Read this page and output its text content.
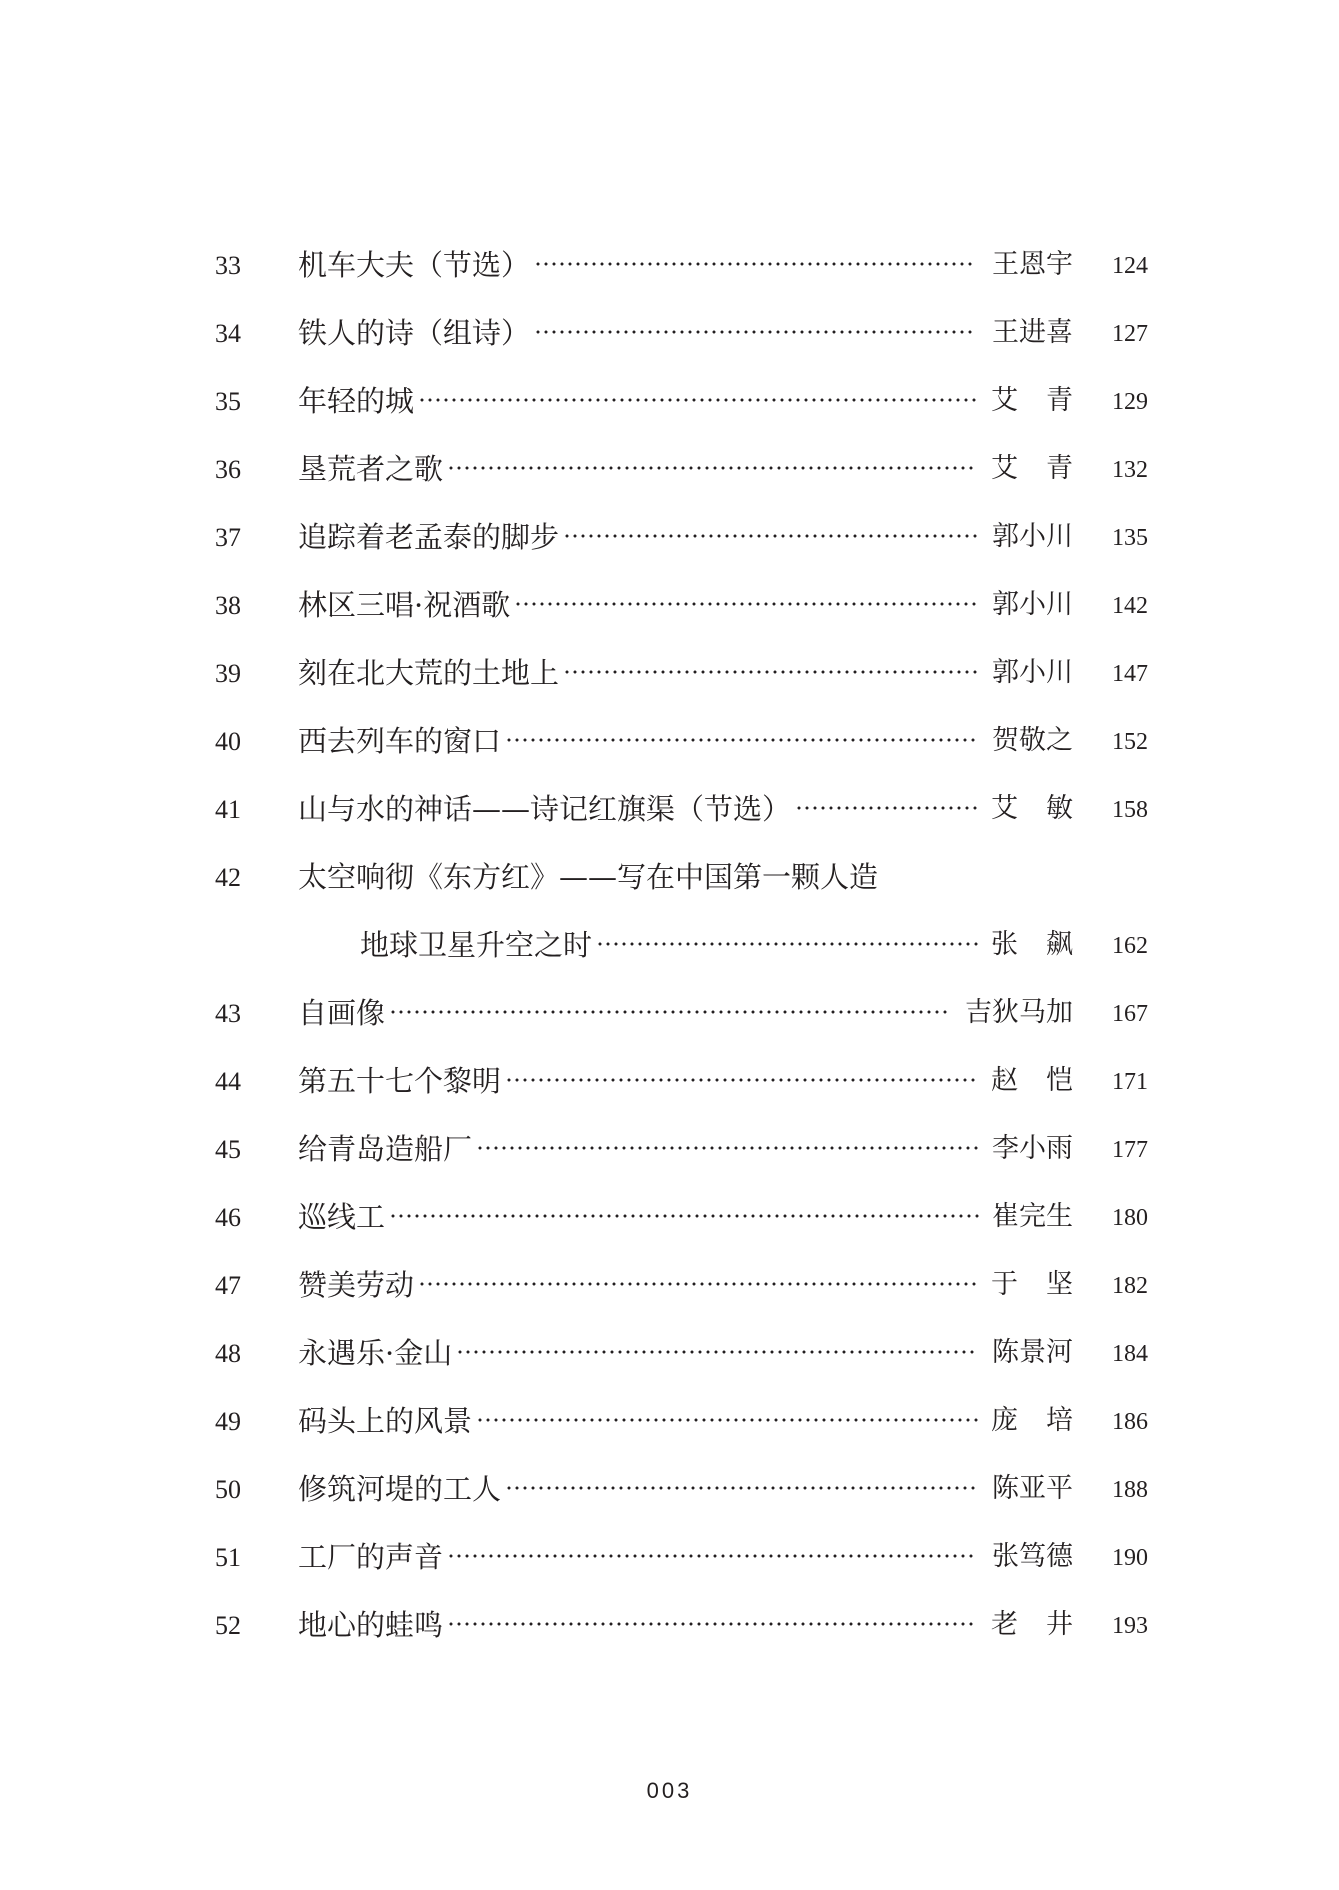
33	机车大夫（节选）	王恩宇 124
34	铁人的诗（组诗）	王进喜 127
35	年轻的城	艾青 129
36	垦荒者之歌	艾青 132
37	追踪着老孟泰的脚步	郭小川 135
38	林区三唱·祝酒歌	郭小川 142
39	刻在北大荒的土地上	郭小川 147
40	西去列车的窗口	贺敬之 152
41	山与水的神话——诗记红旗渠（节选）	艾敏 158
42	太空响彻《东方红》——写在中国第一颗人造
地球卫星升空之时	张飙 162
43	自画像	吉狄马加 167
44	第五十七个黎明	赵恺 171
45	给青岛造船厂	李小雨 177
46	巡线工	崔完生 180
47	赞美劳动	于坚 182
48	永遇乐·金山	陈景河 184
49	码头上的风景	庞培 186
50	修筑河堤的工人	陈亚平 188
51	工厂的声音	张笃德 190
52	地心的蛙鸣	老井 193
003
